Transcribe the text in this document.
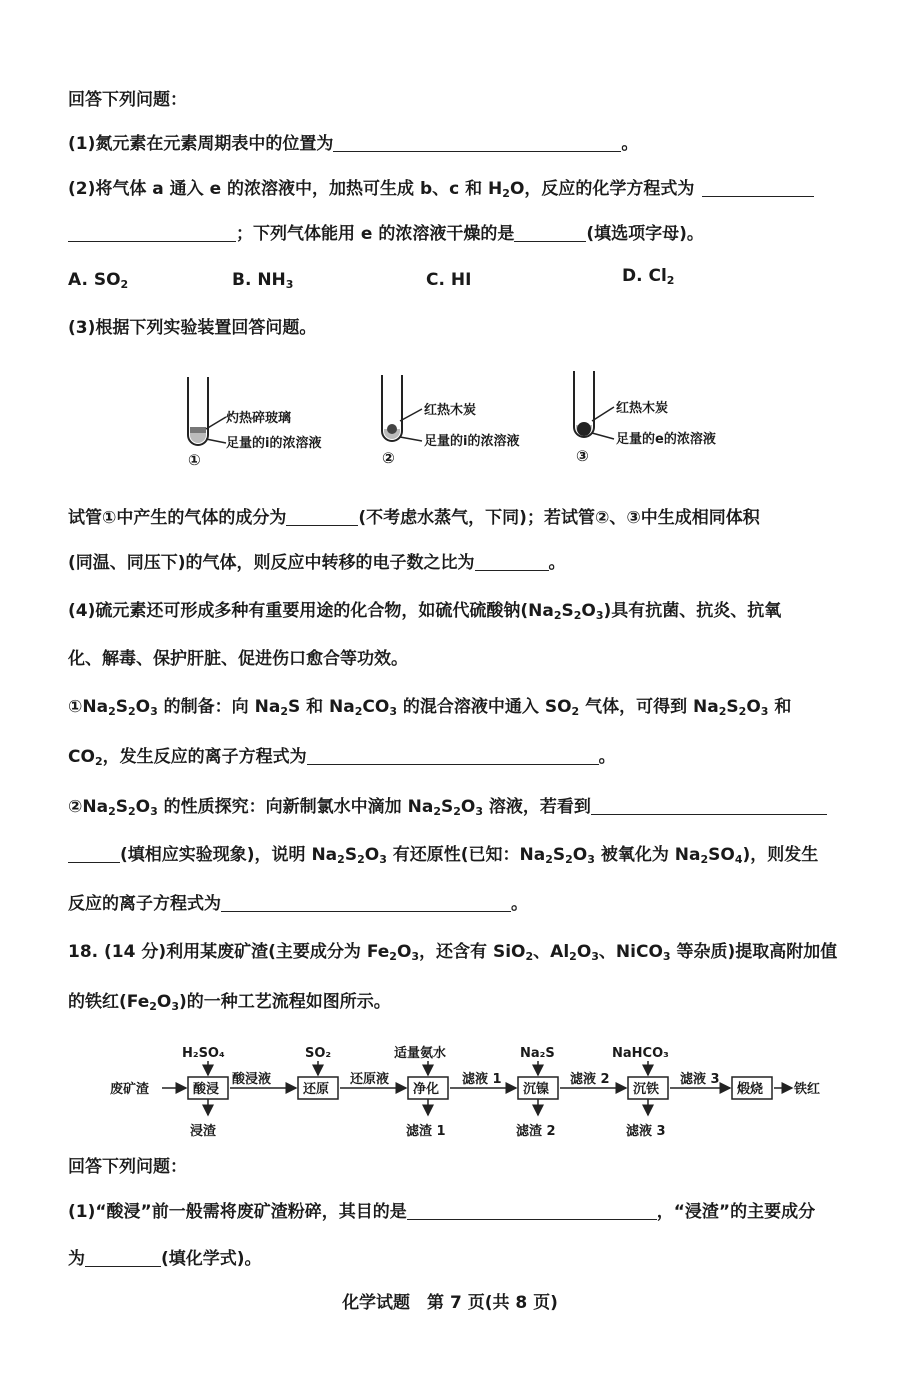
回答下列问题：
(1)氮元素在元素周期表中的位置为	。
(2)将气体 a 通入 e 的浓溶液中，加热可生成 b、c 和 $H_2O$，反应的化学方程式为
；下列气体能用 e 的浓溶液干燥的是	(填选项字母)。
A. $SO_2$	B. $NH_3$	C. HI	D. $Cl_2$
(3)根据下列实验装置回答问题。
灼热碎玻璃
足量的ⅰ的浓溶液
①
红热木炭
足量的ⅰ的浓溶液
②
红热木炭
足量的e的浓溶液
③
试管①中产生的气体的成分为	(不考虑水蒸气，下同)；若试管②、③中生成相同体积
(同温、同压下)的气体，则反应中转移的电子数之比为	。
(4)硫元素还可形成多种有重要用途的化合物，如硫代硫酸钠$(Na_2S_2O_3)$具有抗菌、抗炎、抗氧
化、解毒、保护肝脏、促进伤口愈合等功效。
$①Na_2S_2O_3$ 的制备：向 $Na_2S$ 和 $Na_2CO_3$ 的混合溶液中通入 $SO_2$ 气体，可得到 $Na_2S_2O_3$ 和
$CO_2$，发生反应的离子方程式为	。
$②Na_2S_2O_3$ 的性质探究：向新制氯水中滴加 $Na_2S_2O_3$ 溶液，若看到
(填相应实验现象)，说明 $Na_2S_2O_3$ 有还原性(已知：$Na_2S_2O_3$ 被氧化为 $Na_2SO_4$)，则发生
反应的离子方程式为	。
18. (14 分)利用某废矿渣(主要成分为 $Fe_2O_3$，还含有 SiO$_2$、$Al_2O_3$、NiCO$_3$ 等杂质)提取高附加值
的铁红$(Fe_2O_3)$的一种工艺流程如图所示。
废矿渣	酸浸
H₂SO₄
浸渣
酸浸液
还原
SO₂
还原液
净化
适量氨水
滤渣 1
滤液 1
沉镍
Na₂S
滤渣 2
滤液 2
沉铁
NaHCO₃
滤液 3
滤液 3
煅烧 铁红
回答下列问题：
(1)“酸浸”前一般需将废矿渣粉碎，其目的是	，“浸渣”的主要成分
为	(填化学式)。
化学试题　第 7 页(共 8 页)
